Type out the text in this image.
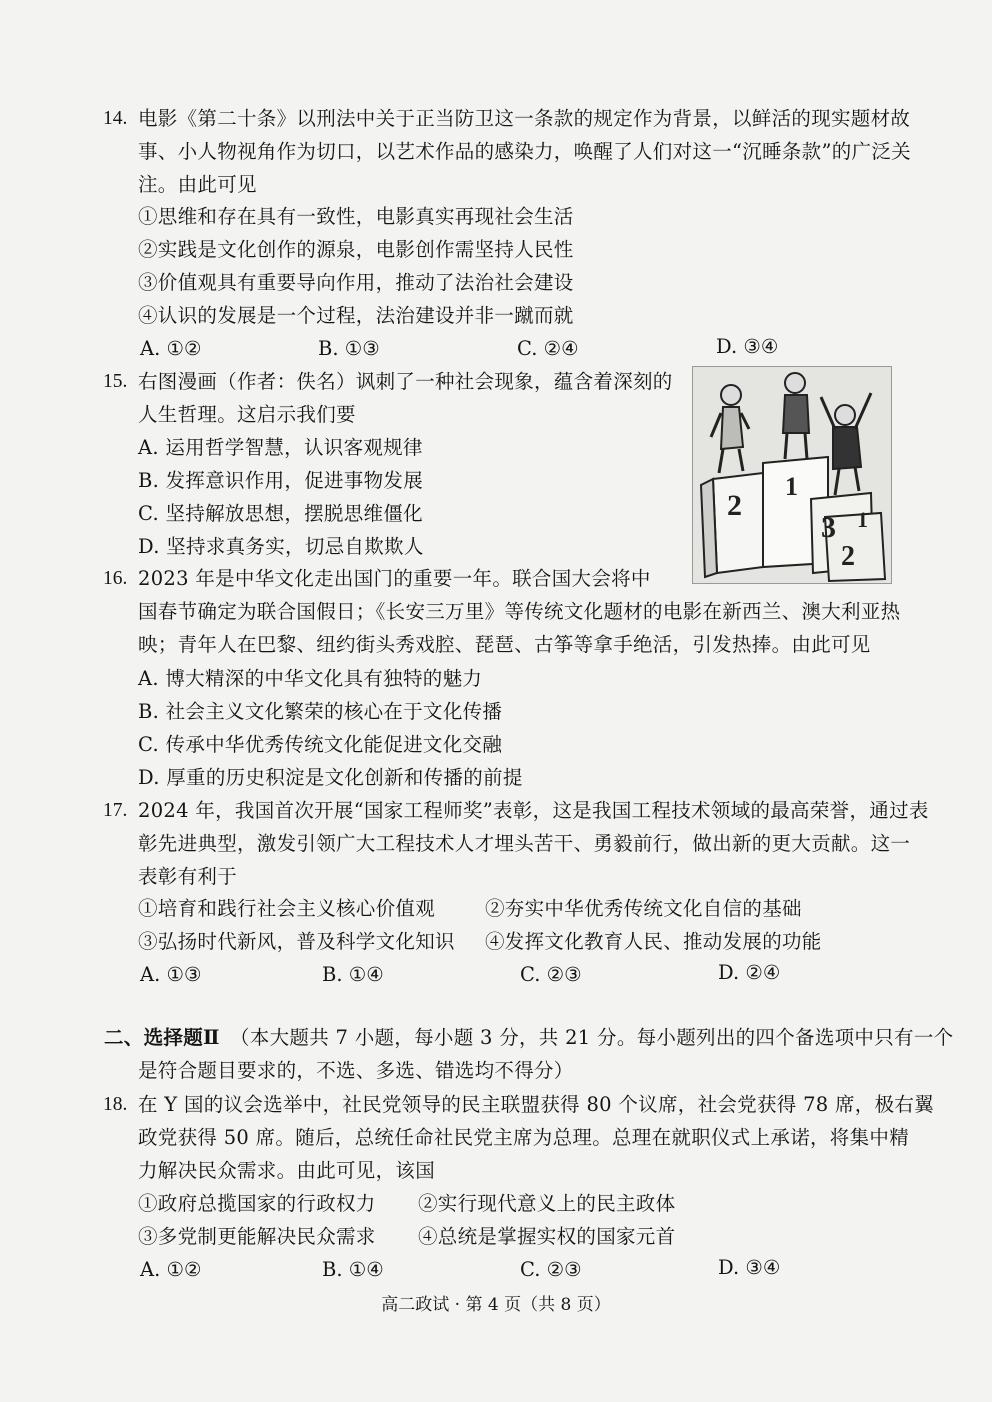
14. 电影《第二十条》以刑法中关于正当防卫这一条款的规定作为背景，以鲜活的现实题材故
事、小人物视角作为切口，以艺术作品的感染力，唤醒了人们对这一“沉睡条款”的广泛关
注。由此可见
①思维和存在具有一致性，电影真实再现社会生活
②实践是文化创作的源泉，电影创作需坚持人民性
③价值观具有重要导向作用，推动了法治社会建设
④认识的发展是一个过程，法治建设并非一蹴而就
A. ①②	B. ①③	C. ②④	D. ③④
15. 右图漫画（作者：佚名）讽刺了一种社会现象，蕴含着深刻的
人生哲理。这启示我们要
A. 运用哲学智慧，认识客观规律
B. 发挥意识作用，促进事物发展
C. 坚持解放思想，摆脱思维僵化
D. 坚持求真务实，切忌自欺欺人
2
1
3 1
2
16. 2023 年是中华文化走出国门的重要一年。联合国大会将中
国春节确定为联合国假日；《长安三万里》等传统文化题材的电影在新西兰、澳大利亚热
映；青年人在巴黎、纽约街头秀戏腔、琵琶、古筝等拿手绝活，引发热捧。由此可见
A. 博大精深的中华文化具有独特的魅力
B. 社会主义文化繁荣的核心在于文化传播
C. 传承中华优秀传统文化能促进文化交融
D. 厚重的历史积淀是文化创新和传播的前提
17. 2024 年，我国首次开展“国家工程师奖”表彰，这是我国工程技术领域的最高荣誉，通过表
彰先进典型，激发引领广大工程技术人才埋头苦干、勇毅前行，做出新的更大贡献。这一
表彰有利于
①培育和践行社会主义核心价值观	②夯实中华优秀传统文化自信的基础
③弘扬时代新风，普及科学文化知识 ④发挥文化教育人民、推动发展的功能
A. ①③	B. ①④	C. ②③	D. ②④
二、选择题Ⅱ （本大题共 7 小题，每小题 3 分，共 21 分。每小题列出的四个备选项中只有一个
是符合题目要求的，不选、多选、错选均不得分）
18. 在 Y 国的议会选举中，社民党领导的民主联盟获得 80 个议席，社会党获得 78 席，极右翼
政党获得 50 席。随后，总统任命社民党主席为总理。总理在就职仪式上承诺，将集中精
力解决民众需求。由此可见，该国
①政府总揽国家的行政权力 ②实行现代意义上的民主政体
③多党制更能解决民众需求 ④总统是掌握实权的国家元首
A. ①②	B. ①④	C. ②③	D. ③④
高二政试 · 第 4 页（共 8 页）
